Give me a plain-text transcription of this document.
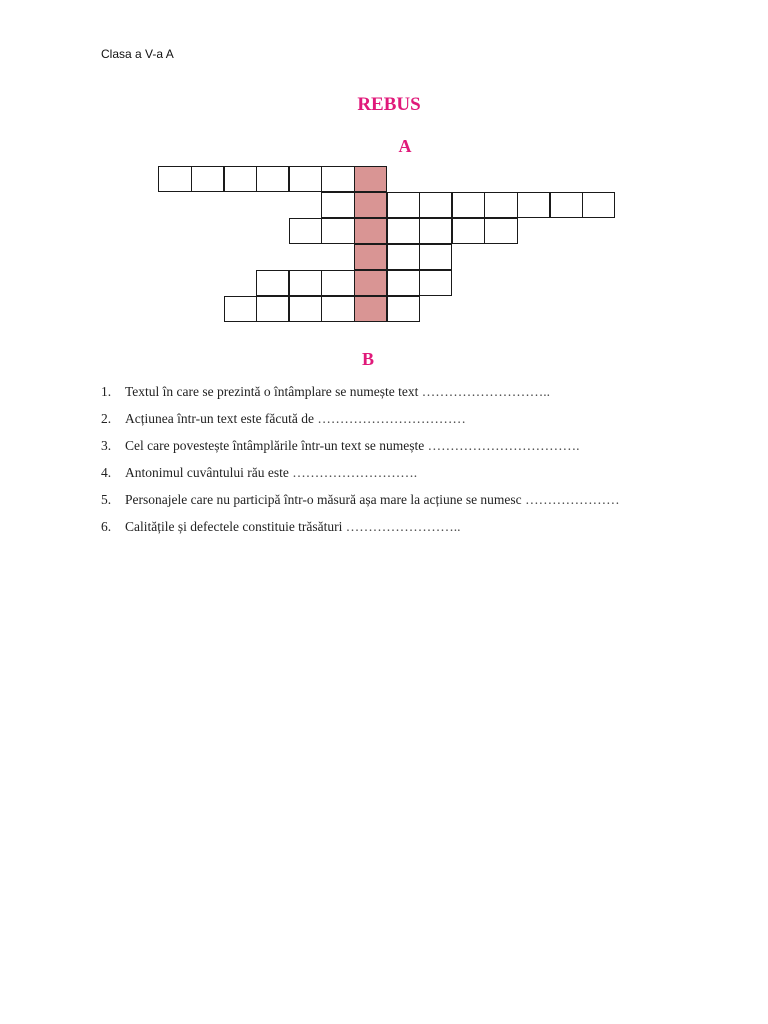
Clasa a V-a A
REBUS
A
B
1. Textul în care se prezintă o întâmplare se numește text ………………………..
2. Acțiunea într-un text este făcută de ……………………………
3. Cel care povestește întâmplările într-un text se numește …………………………….
4. Antonimul cuvântului rău este ……………………….
5. Personajele care nu participă într-o măsură așa mare la acțiune se numesc …………………
6. Calitățile și defectele constituie trăsături ……………………..
